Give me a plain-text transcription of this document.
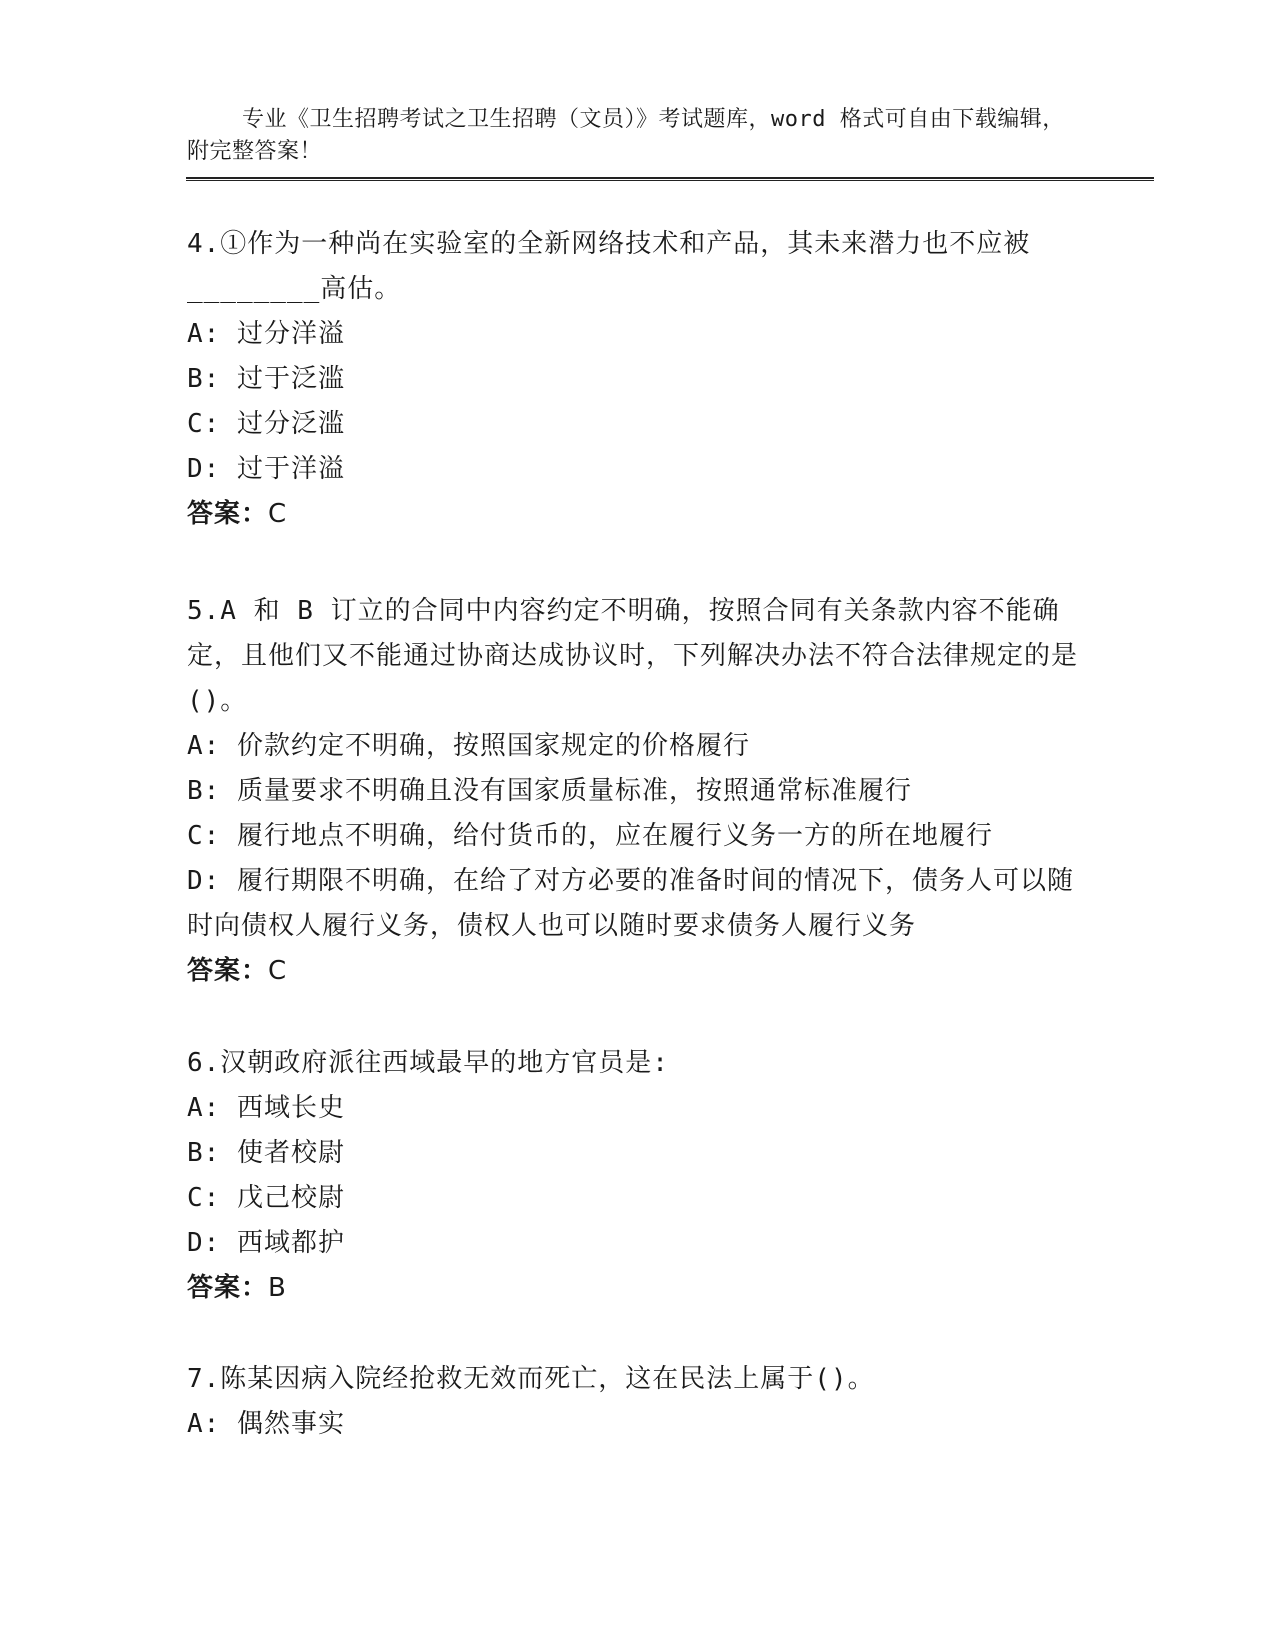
专业《卫生招聘考试之卫生招聘（文员）》考试题库，word 格式可自由下载编辑，附完整答案！

4.①作为一种尚在实验室的全新网络技术和产品，其未来潜力也不应被________高估。

A: 过分洋溢

B: 过于泛滥

C: 过分泛滥

D: 过于洋溢

答案：C

5.A 和 B 订立的合同中内容约定不明确，按照合同有关条款内容不能确定，且他们又不能通过协商达成协议时，下列解决办法不符合法律规定的是()。

A: 价款约定不明确，按照国家规定的价格履行

B: 质量要求不明确且没有国家质量标准，按照通常标准履行

C: 履行地点不明确，给付货币的，应在履行义务一方的所在地履行

D: 履行期限不明确，在给了对方必要的准备时间的情况下，债务人可以随时向债权人履行义务，债权人也可以随时要求债务人履行义务

答案：C

6.汉朝政府派往西域最早的地方官员是:

A: 西域长史

B: 使者校尉

C: 戊己校尉

D: 西域都护

答案：B

7.陈某因病入院经抢救无效而死亡，这在民法上属于()。

A: 偶然事实
